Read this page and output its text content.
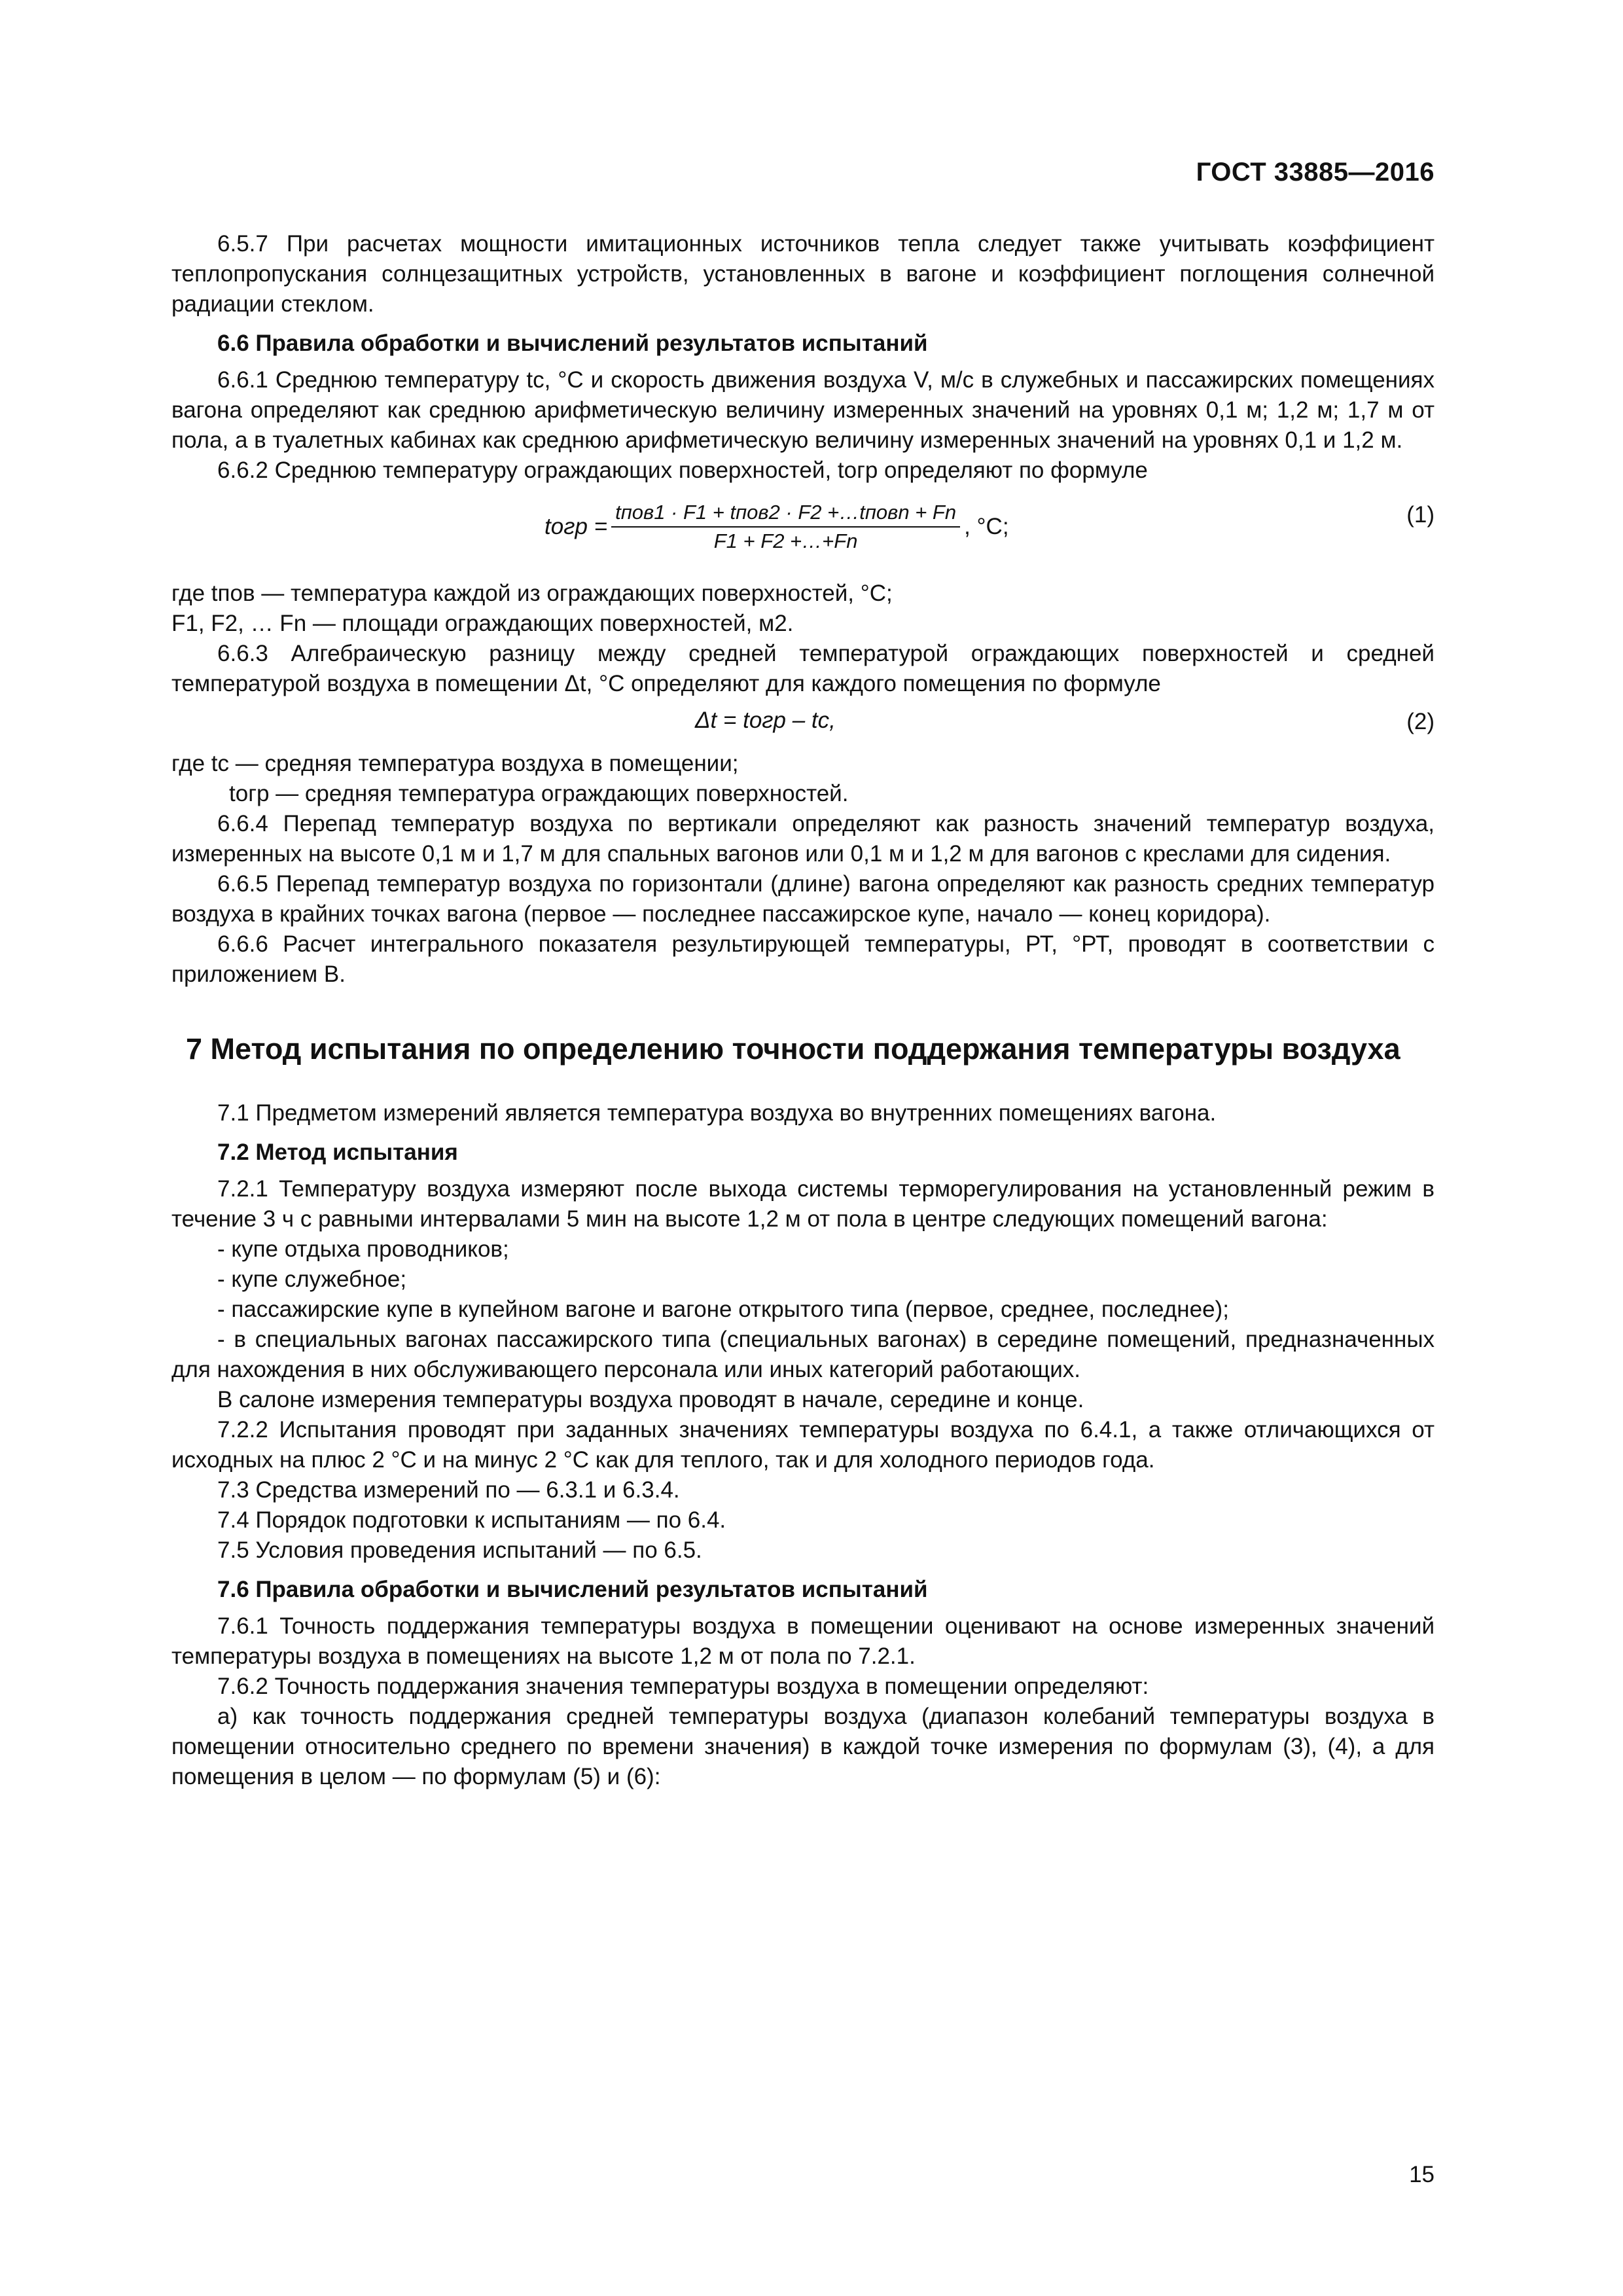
ГОСТ 33885—2016

6.5.7 При расчетах мощности имитационных источников тепла следует также учитывать коэффициент теплопропускания солнцезащитных устройств, установленных в вагоне и коэффициент поглощения солнечной радиации стеклом.

6.6 Правила обработки и вычислений результатов испытаний

6.6.1 Среднюю температуру tс, °C и скорость движения воздуха V, м/с в служебных и пассажирских помещениях вагона определяют как среднюю арифметическую величину измеренных значений на уровнях 0,1 м; 1,2 м; 1,7 м от пола, а в туалетных кабинах как среднюю арифметическую величину измеренных значений на уровнях 0,1 и 1,2 м.

6.6.2 Среднюю температуру ограждающих поверхностей, tогр определяют по формуле

tогр = $\frac{\text{tпов1 · F1 + tпов2 · F2 +…tповn + Fn}}{F1 + F2 +\dots+Fn}$ , °C;	(1)

где tпов — температура каждой из ограждающих поверхностей, °C;

F1, F2, … Fn — площади ограждающих поверхностей, м2.

6.6.3 Алгебраическую разницу между средней температурой ограждающих поверхностей и средней температурой воздуха в помещении Δt, °C определяют для каждого помещения по формуле

Δt = tогр – tс,	(2)

где tс — средняя температура воздуха в помещении;

tогр — средняя температура ограждающих поверхностей.

6.6.4 Перепад температур воздуха по вертикали определяют как разность значений температур воздуха, измеренных на высоте 0,1 м и 1,7 м для спальных вагонов или 0,1 м и 1,2 м для вагонов с креслами для сидения.

6.6.5 Перепад температур воздуха по горизонтали (длине) вагона определяют как разность средних температур воздуха в крайних точках вагона (первое — последнее пассажирское купе, начало — конец коридора).

6.6.6 Расчет интегрального показателя результирующей температуры, РТ, °РТ, проводят в соответствии с приложением В.

7 Метод испытания по определению точности поддержания температуры воздуха

7.1 Предметом измерений является температура воздуха во внутренних помещениях вагона.

7.2 Метод испытания

7.2.1 Температуру воздуха измеряют после выхода системы терморегулирования на установленный режим в течение 3 ч с равными интервалами 5 мин на высоте 1,2 м от пола в центре следующих помещений вагона:

- купе отдыха проводников;

- купе служебное;

- пассажирские купе в купейном вагоне и вагоне открытого типа (первое, среднее, последнее);

- в специальных вагонах пассажирского типа (специальных вагонах) в середине помещений, предназначенных для нахождения в них обслуживающего персонала или иных категорий работающих.

В салоне измерения температуры воздуха проводят в начале, середине и конце.

7.2.2 Испытания проводят при заданных значениях температуры воздуха по 6.4.1, а также отличающихся от исходных на плюс 2 °C и на минус 2 °C как для теплого, так и для холодного периодов года.

7.3 Средства измерений по — 6.3.1 и 6.3.4.

7.4 Порядок подготовки к испытаниям — по 6.4.

7.5 Условия проведения испытаний — по 6.5.

7.6 Правила обработки и вычислений результатов испытаний

7.6.1 Точность поддержания температуры воздуха в помещении оценивают на основе измеренных значений температуры воздуха в помещениях на высоте 1,2 м от пола по 7.2.1.

7.6.2 Точность поддержания значения температуры воздуха в помещении определяют:

а) как точность поддержания средней температуры воздуха (диапазон колебаний температуры воздуха в помещении относительно среднего по времени значения) в каждой точке измерения по формулам (3), (4), а для помещения в целом — по формулам (5) и (6):

15
